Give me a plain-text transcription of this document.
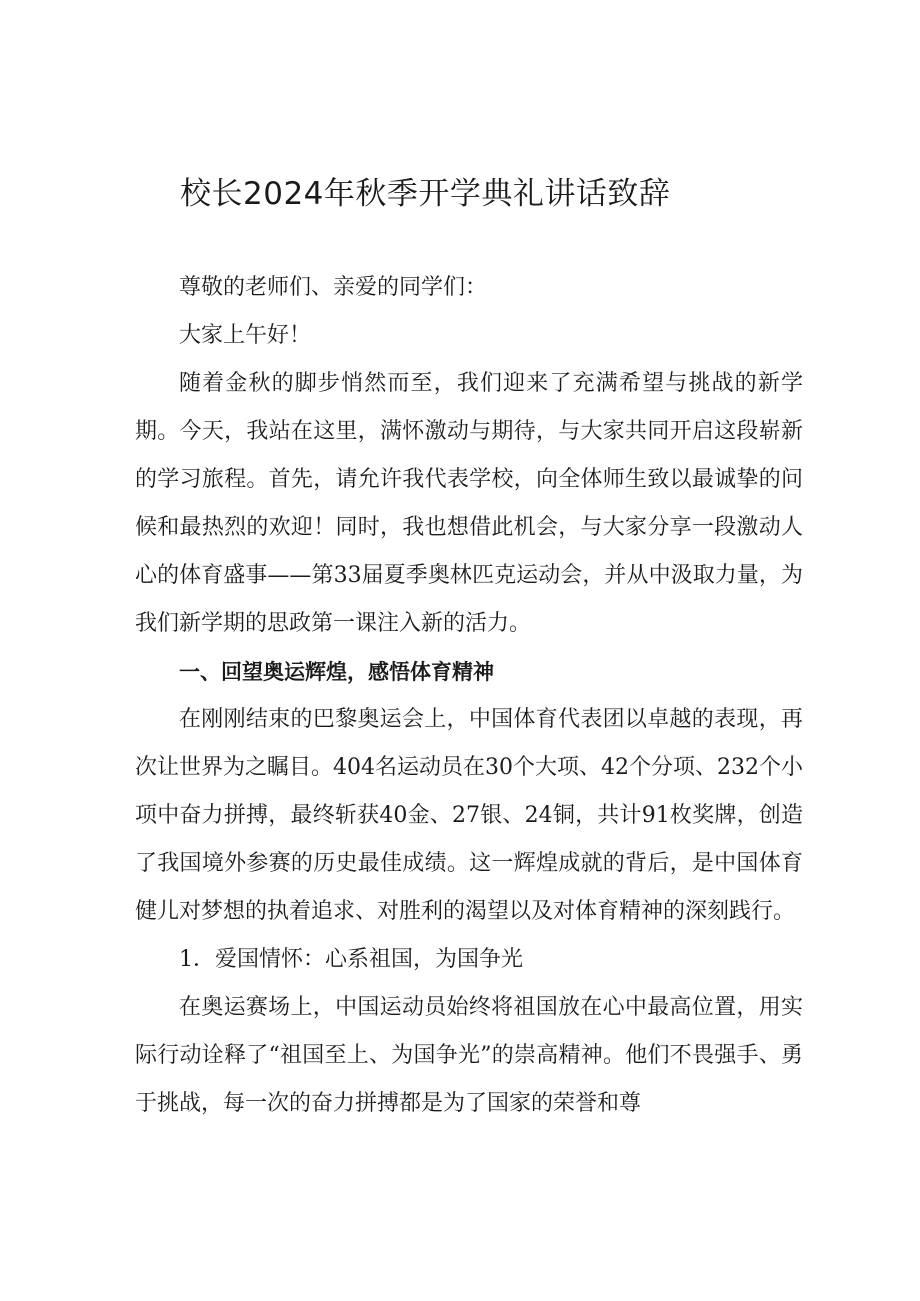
校长2024年秋季开学典礼讲话致辞

尊敬的老师们、亲爱的同学们：

大家上午好！

随着金秋的脚步悄然而至，我们迎来了充满希望与挑战的新学期。今天，我站在这里，满怀激动与期待，与大家共同开启这段崭新的学习旅程。首先，请允许我代表学校，向全体师生致以最诚挚的问候和最热烈的欢迎！同时，我也想借此机会，与大家分享一段激动人心的体育盛事——第33届夏季奥林匹克运动会，并从中汲取力量，为我们新学期的思政第一课注入新的活力。

一、回望奥运辉煌，感悟体育精神

在刚刚结束的巴黎奥运会上，中国体育代表团以卓越的表现，再次让世界为之瞩目。404名运动员在30个大项、42个分项、232个小项中奋力拼搏，最终斩获40金、27银、24铜，共计91枚奖牌，创造了我国境外参赛的历史最佳成绩。这一辉煌成就的背后，是中国体育健儿对梦想的执着追求、对胜利的渴望以及对体育精神的深刻践行。

1．爱国情怀：心系祖国，为国争光

在奥运赛场上，中国运动员始终将祖国放在心中最高位置，用实际行动诠释了“祖国至上、为国争光”的崇高精神。他们不畏强手、勇于挑战，每一次的奋力拼搏都是为了国家的荣誉和尊
